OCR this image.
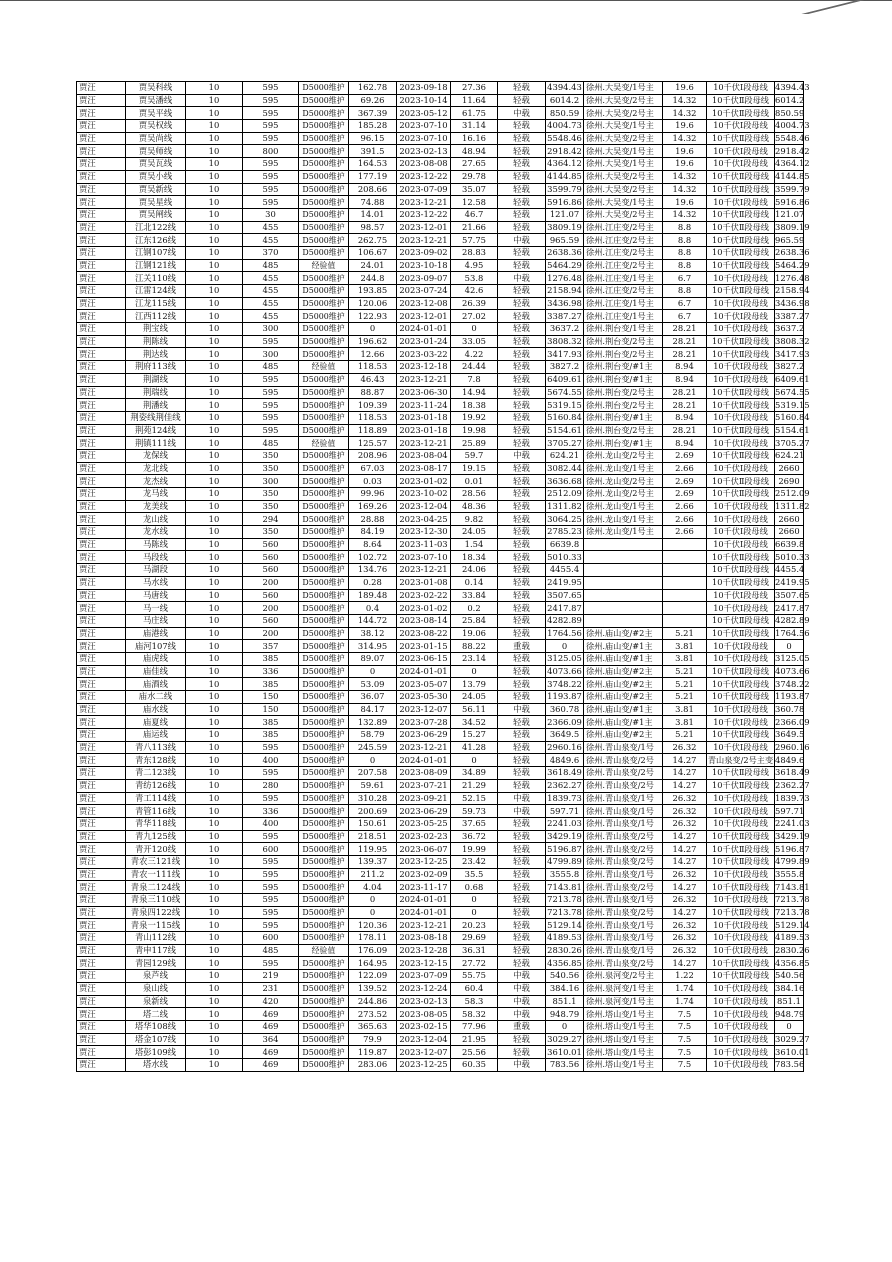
贾汪	贾吴科线	10	595	D5000维护	162.78	2023-09-18	27.36	轻载	4394.43	徐州.大吴变/1号主	19.6	10千伏Ⅰ段母线	4394.43
贾汪	贾吴潘线	10	595	D5000维护	69.26	2023-10-14	11.64	轻载	6014.2	徐州.大吴变/2号主	14.32	10千伏Ⅱ段母线	6014.2
贾汪	贾吴平线	10	595	D5000维护	367.39	2023-05-12	61.75	中载	850.59	徐州.大吴变/2号主	14.32	10千伏Ⅱ段母线	850.59
贾汪	贾吴权线	10	595	D5000维护	185.28	2023-07-10	31.14	轻载	4004.73	徐州.大吴变/1号主	19.6	10千伏Ⅰ段母线	4004.73
贾汪	贾吴尚线	10	595	D5000维护	96.15	2023-07-10	16.16	轻载	5548.46	徐州.大吴变/2号主	14.32	10千伏Ⅱ段母线	5548.46
贾汪	贾吴师线	10	800	D5000维护	391.5	2023-02-13	48.94	轻载	2918.42	徐州.大吴变/1号主	19.6	10千伏Ⅰ段母线	2918.42
贾汪	贾吴瓦线	10	595	D5000维护	164.53	2023-08-08	27.65	轻载	4364.12	徐州.大吴变/1号主	19.6	10千伏Ⅰ段母线	4364.12
贾汪	贾吴小线	10	595	D5000维护	177.19	2023-12-22	29.78	轻载	4144.85	徐州.大吴变/2号主	14.32	10千伏Ⅱ段母线	4144.85
贾汪	贾吴新线	10	595	D5000维护	208.66	2023-07-09	35.07	轻载	3599.79	徐州.大吴变/2号主	14.32	10千伏Ⅱ段母线	3599.79
贾汪	贾吴星线	10	595	D5000维护	74.88	2023-12-21	12.58	轻载	5916.86	徐州.大吴变/1号主	19.6	10千伏Ⅰ段母线	5916.86
贾汪	贾吴闸线	10	30	D5000维护	14.01	2023-12-22	46.7	轻载	121.07	徐州.大吴变/2号主	14.32	10千伏Ⅱ段母线	121.07
贾汪	江北122线	10	455	D5000维护	98.57	2023-12-01	21.66	轻载	3809.19	徐州.江庄变/2号主	8.8	10千伏Ⅱ段母线	3809.19
贾汪	江东126线	10	455	D5000维护	262.75	2023-12-21	57.75	中载	965.59	徐州.江庄变/2号主	8.8	10千伏Ⅱ段母线	965.59
贾汪	江钢107线	10	370	D5000维护	106.67	2023-09-02	28.83	轻载	2638.36	徐州.江庄变/2号主	8.8	10千伏Ⅱ段母线	2638.36
贾汪	江钢121线	10	485	经验值	24.01	2023-10-18	4.95	轻载	5464.29	徐州.江庄变/2号主	8.8	10千伏Ⅱ段母线	5464.29
贾汪	江关110线	10	455	D5000维护	244.8	2023-09-07	53.8	中载	1276.48	徐州.江庄变/1号主	6.7	10千伏Ⅰ段母线	1276.48
贾汪	江雷124线	10	455	D5000维护	193.85	2023-07-24	42.6	轻载	2158.94	徐州.江庄变/2号主	8.8	10千伏Ⅱ段母线	2158.94
贾汪	江龙115线	10	455	D5000维护	120.06	2023-12-08	26.39	轻载	3436.98	徐州.江庄变/1号主	6.7	10千伏Ⅰ段母线	3436.98
贾汪	江西112线	10	455	D5000维护	122.93	2023-12-01	27.02	轻载	3387.27	徐州.江庄变/1号主	6.7	10千伏Ⅰ段母线	3387.27
贾汪	荆宝线	10	300	D5000维护	0	2024-01-01	0	轻载	3637.2	徐州.荆台变/1号主	28.21	10千伏Ⅰ段母线	3637.2
贾汪	荆陈线	10	595	D5000维护	196.62	2023-01-24	33.05	轻载	3808.32	徐州.荆台变/2号主	28.21	10千伏Ⅱ段母线	3808.32
贾汪	荆达线	10	300	D5000维护	12.66	2023-03-22	4.22	轻载	3417.93	徐州.荆台变/2号主	28.21	10千伏Ⅱ段母线	3417.93
贾汪	荆府113线	10	485	经验值	118.53	2023-12-18	24.44	轻载	3827.2	徐州.荆台变/#1主	8.94	10千伏Ⅰ段母线	3827.2
贾汪	荆湖线	10	595	D5000维护	46.43	2023-12-21	7.8	轻载	6409.61	徐州.荆台变/#1主	8.94	10千伏Ⅰ段母线	6409.61
贾汪	荆瑞线	10	595	D5000维护	88.87	2023-06-30	14.94	轻载	5674.55	徐州.荆台变/2号主	28.21	10千伏Ⅱ段母线	5674.55
贾汪	荆潘线	10	595	D5000维护	109.39	2023-11-24	18.38	轻载	5319.15	徐州.荆台变/2号主	28.21	10千伏Ⅱ段母线	5319.15
贾汪	荆姿线荆佳线	10	595	D5000维护	118.53	2023-01-18	19.92	轻载	5160.84	徐州.荆台变/#1主	8.94	10千伏Ⅰ段母线	5160.84
贾汪	荆苑124线	10	595	D5000维护	118.89	2023-01-18	19.98	轻载	5154.61	徐州.荆台变/2号主	28.21	10千伏Ⅱ段母线	5154.61
贾汪	荆镇111线	10	485	经验值	125.57	2023-12-21	25.89	轻载	3705.27	徐州.荆台变/#1主	8.94	10千伏Ⅰ段母线	3705.27
贾汪	龙保线	10	350	D5000维护	208.96	2023-08-04	59.7	中载	624.21	徐州.龙山变/2号主	2.69	10千伏Ⅱ段母线	624.21
贾汪	龙北线	10	350	D5000维护	67.03	2023-08-17	19.15	轻载	3082.44	徐州.龙山变/1号主	2.66	10千伏Ⅰ段母线	2660
贾汪	龙杰线	10	300	D5000维护	0.03	2023-01-02	0.01	轻载	3636.68	徐州.龙山变/2号主	2.69	10千伏Ⅱ段母线	2690
贾汪	龙马线	10	350	D5000维护	99.96	2023-10-02	28.56	轻载	2512.09	徐州.龙山变/2号主	2.69	10千伏Ⅱ段母线	2512.09
贾汪	龙美线	10	350	D5000维护	169.26	2023-12-04	48.36	轻载	1311.82	徐州.龙山变/1号主	2.66	10千伏Ⅰ段母线	1311.82
贾汪	龙山线	10	294	D5000维护	28.88	2023-04-25	9.82	轻载	3064.25	徐州.龙山变/1号主	2.66	10千伏Ⅰ段母线	2660
贾汪	龙水线	10	350	D5000维护	84.19	2023-12-30	24.05	轻载	2785.23	徐州.龙山变/1号主	2.66	10千伏Ⅰ段母线	2660
贾汪	马陈线	10	560	D5000维护	8.64	2023-11-03	1.54	轻载	6639.8			10千伏Ⅰ段母线	6639.8
贾汪	马段线	10	560	D5000维护	102.72	2023-07-10	18.34	轻载	5010.33			10千伏Ⅱ段母线	5010.33
贾汪	马湖段	10	560	D5000维护	134.76	2023-12-21	24.06	轻载	4455.4			10千伏Ⅱ段母线	4455.4
贾汪	马水线	10	200	D5000维护	0.28	2023-01-08	0.14	轻载	2419.95			10千伏Ⅱ段母线	2419.95
贾汪	马唐线	10	560	D5000维护	189.48	2023-02-22	33.84	轻载	3507.65			10千伏Ⅰ段母线	3507.65
贾汪	马一线	10	200	D5000维护	0.4	2023-01-02	0.2	轻载	2417.87			10千伏Ⅰ段母线	2417.87
贾汪	马庄线	10	560	D5000维护	144.72	2023-08-14	25.84	轻载	4282.89			10千伏Ⅱ段母线	4282.89
贾汪	庙港线	10	200	D5000维护	38.12	2023-08-22	19.06	轻载	1764.56	徐州.庙山变/#2主	5.21	10千伏Ⅱ段母线	1764.56
贾汪	庙河107线	10	357	D5000维护	314.95	2023-01-15	88.22	重载	0	徐州.庙山变/#1主	3.81	10千伏Ⅰ段母线	0
贾汪	庙虎线	10	385	D5000维护	89.07	2023-06-15	23.14	轻载	3125.05	徐州.庙山变/#1主	3.81	10千伏Ⅰ段母线	3125.05
贾汪	庙佳线	10	336	D5000维护	0	2024-01-01	0	轻载	4073.66	徐州.庙山变/#2主	5.21	10千伏Ⅱ段母线	4073.66
贾汪	庙酒线	10	385	D5000维护	53.09	2023-05-07	13.79	轻载	3748.22	徐州.庙山变/#2主	5.21	10千伏Ⅱ段母线	3748.22
贾汪	庙水二线	10	150	D5000维护	36.07	2023-05-30	24.05	轻载	1193.87	徐州.庙山变/#2主	5.21	10千伏Ⅱ段母线	1193.87
贾汪	庙水线	10	150	D5000维护	84.17	2023-12-07	56.11	中载	360.78	徐州.庙山变/#1主	3.81	10千伏Ⅰ段母线	360.78
贾汪	庙夏线	10	385	D5000维护	132.89	2023-07-28	34.52	轻载	2366.09	徐州.庙山变/#1主	3.81	10千伏Ⅰ段母线	2366.09
贾汪	庙运线	10	385	D5000维护	58.79	2023-06-29	15.27	轻载	3649.5	徐州.庙山变/#2主	5.21	10千伏Ⅱ段母线	3649.5
贾汪	青八113线	10	595	D5000维护	245.59	2023-12-21	41.28	轻载	2960.16	徐州.青山泉变/1号	26.32	10千伏Ⅰ段母线	2960.16
贾汪	青东128线	10	400	D5000维护	0	2024-01-01	0	轻载	4849.6	徐州.青山泉变/2号	14.27	青山泉变/2号主变	4849.6
贾汪	青二123线	10	595	D5000维护	207.58	2023-08-09	34.89	轻载	3618.49	徐州.青山泉变/2号	14.27	10千伏Ⅱ段母线	3618.49
贾汪	青纺126线	10	280	D5000维护	59.61	2023-07-21	21.29	轻载	2362.27	徐州.青山泉变/2号	14.27	10千伏Ⅱ段母线	2362.27
贾汪	青工114线	10	595	D5000维护	310.28	2023-09-21	52.15	中载	1839.73	徐州.青山泉变/1号	26.32	10千伏Ⅰ段母线	1839.73
贾汪	青管116线	10	336	D5000维护	200.69	2023-06-29	59.73	中载	597.71	徐州.青山泉变/1号	26.32	10千伏Ⅰ段母线	597.71
贾汪	青华118线	10	400	D5000维护	150.61	2023-05-25	37.65	轻载	2241.03	徐州.青山泉变/1号	26.32	10千伏Ⅰ段母线	2241.03
贾汪	青九125线	10	595	D5000维护	218.51	2023-02-23	36.72	轻载	3429.19	徐州.青山泉变/2号	14.27	10千伏Ⅱ段母线	3429.19
贾汪	青开120线	10	600	D5000维护	119.95	2023-06-07	19.99	轻载	5196.87	徐州.青山泉变/2号	14.27	10千伏Ⅱ段母线	5196.87
贾汪	青农三121线	10	595	D5000维护	139.37	2023-12-25	23.42	轻载	4799.89	徐州.青山泉变/2号	14.27	10千伏Ⅱ段母线	4799.89
贾汪	青农一111线	10	595	D5000维护	211.2	2023-02-09	35.5	轻载	3555.8	徐州.青山泉变/1号	26.32	10千伏Ⅰ段母线	3555.8
贾汪	青泉二124线	10	595	D5000维护	4.04	2023-11-17	0.68	轻载	7143.81	徐州.青山泉变/2号	14.27	10千伏Ⅱ段母线	7143.81
贾汪	青泉三110线	10	595	D5000维护	0	2024-01-01	0	轻载	7213.78	徐州.青山泉变/1号	26.32	10千伏Ⅰ段母线	7213.78
贾汪	青泉四122线	10	595	D5000维护	0	2024-01-01	0	轻载	7213.78	徐州.青山泉变/2号	14.27	10千伏Ⅱ段母线	7213.78
贾汪	青泉一115线	10	595	D5000维护	120.36	2023-12-21	20.23	轻载	5129.14	徐州.青山泉变/1号	26.32	10千伏Ⅰ段母线	5129.14
贾汪	青山112线	10	600	D5000维护	178.11	2023-08-18	29.69	轻载	4189.53	徐州.青山泉变/1号	26.32	10千伏Ⅰ段母线	4189.53
贾汪	青申117线	10	485	经验值	176.09	2023-12-28	36.31	轻载	2830.26	徐州.青山泉变/1号	26.32	10千伏Ⅰ段母线	2830.26
贾汪	青园129线	10	595	D5000维护	164.95	2023-12-15	27.72	轻载	4356.85	徐州.青山泉变/2号	14.27	10千伏Ⅱ段母线	4356.85
贾汪	泉芦线	10	219	D5000维护	122.09	2023-07-09	55.75	中载	540.56	徐州.泉河变/2号主	1.22	10千伏Ⅱ段母线	540.56
贾汪	泉山线	10	231	D5000维护	139.52	2023-12-24	60.4	中载	384.16	徐州.泉河变/1号主	1.74	10千伏Ⅰ段母线	384.16
贾汪	泉新线	10	420	D5000维护	244.86	2023-02-13	58.3	中载	851.1	徐州.泉河变/1号主	1.74	10千伏Ⅰ段母线	851.1
贾汪	塔二线	10	469	D5000维护	273.52	2023-08-05	58.32	中载	948.79	徐州.塔山变/1号主	7.5	10千伏Ⅰ段母线	948.79
贾汪	塔华108线	10	469	D5000维护	365.63	2023-02-15	77.96	重载	0	徐州.塔山变/1号主	7.5	10千伏Ⅰ段母线	0
贾汪	塔金107线	10	364	D5000维护	79.9	2023-12-04	21.95	轻载	3029.27	徐州.塔山变/1号主	7.5	10千伏Ⅰ段母线	3029.27
贾汪	塔彭109线	10	469	D5000维护	119.87	2023-12-07	25.56	轻载	3610.01	徐州.塔山变/1号主	7.5	10千伏Ⅰ段母线	3610.01
贾汪	塔水线	10	469	D5000维护	283.06	2023-12-25	60.35	中载	783.56	徐州.塔山变/1号主	7.5	10千伏Ⅰ段母线	783.56
